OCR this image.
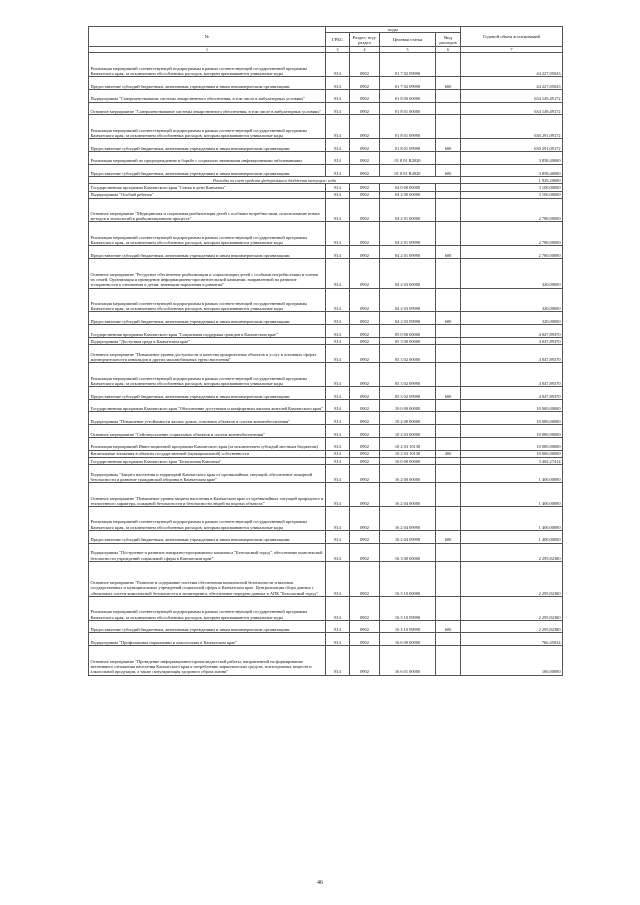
№	коды				Годовой объем ассигнований
	ГРБС	Раздел, под-раздел	Целевая статья	Вид расходов	
1	3	4	5	6	7
Реализация мероприятий соответствующей подпрограммы в рамках соответствующей государственной программы Камчатского края, за исключением обособленных расходов, которым присваиваются уникальные коды	814	0902	01 7 02 09990		44 227,05043
Предоставление субсидий бюджетным, автономным учреждениям и иным некоммерческим организациям	814	0902	01 7 02 09990	600	44 227,05043
Подпрограмма "Совершенствование системы лекарственного обеспечения, в том числе в амбулаторных условиях"	814	0902	01 8 00 00000		634 149,49172
Основное мероприятие "Совершенствование системы лекарственного обеспечения, в том числе в амбулаторных условиях"	814	0902	01 8 01 00000		634 149,49172
Реализация мероприятий соответствующей подпрограммы в рамках соответствующей государственной программы Камчатского края, за исключением обособленных расходов, которым присваиваются уникальные коды	814	0902	01 8 01 09990		630 291,09172
Предоставление субсидий бюджетным, автономным учреждениям и иным некоммерческим организациям	814	0902	01 8 01 09990	600	630 291,09172
Реализация мероприятий по предупреждению и борьбе с социально значимыми инфекционными заболеваниями	814	0902	01 8 01 R2020		3 858,40000
Предоставление субсидий бюджетным, автономным учреждениям и иным некоммерческим организациям	814	0902	01 8 01 R2020	600	3 858,40000
Расходы за счет средств федерального бюджета текущего года					1 929,20000
Государственная программа Камчатского края "Семья и дети Камчатки"	814	0902	04 0 00 00000		3 100,00000
Подпрограмма "Особый ребенок"	814	0902	04 2 00 00000		3 100,00000
Основное мероприятие "Медицинская и социальная реабилитация детей с особыми потребностями, использование новых методов и технологий в реабилитационном процессе"	814	0902	04 2 01 00000		2 780,00000
Реализация мероприятий соответствующей подпрограммы в рамках соответствующей государственной программы Камчатского края, за исключением обособленных расходов, которым присваиваются уникальные коды	814	0902	04 2 01 09990		2 780,00000
Предоставление субсидий бюджетным, автономным учреждениям и иным некоммерческим организациям	814	0902	04 2 01 09990	600	2 780,00000
Основное мероприятие "Ресурсное обеспечение реабилитации и социализации детей с особыми потребностями и членов их семей. Организация и проведение информационно-просветительской кампании, направленной на развитие толерантности к отношении к детям, имеющим нарушения в развитии"	814	0902	04 2 03 00000		320,00000
Реализация мероприятий соответствующей подпрограммы в рамках соответствующей государственной программы Камчатского края, за исключением обособленных расходов, которым присваиваются уникальные коды	814	0902	04 2 03 09990		320,00000
Предоставление субсидий бюджетным, автономным учреждениям и иным некоммерческим организациям	814	0902	04 2 03 09990	600	320,00000
Государственная программа Камчатского края "Социальная поддержка граждан в Камчатском крае"	814	0902	05 0 00 00000		4 047,89370
Подпрограмма "Доступная среда в Камчатском крае"	814	0902	05 3 00 00000		4 047,89370
Основное мероприятие "Повышение уровня доступности и качества приоритетных объектов и услуг в основных сферах жизнедеятельности инвалидов и других маломобильных групп населения"	814	0902	05 3 02 00000		4 047,89370
Реализация мероприятий соответствующей подпрограммы в рамках соответствующей государственной программы Камчатского края, за исключением обособленных расходов, которым присваиваются уникальные коды	814	0902	05 3 02 09990		4 047,89370
Предоставление субсидий бюджетным, автономным учреждениям и иным некоммерческим организациям	814	0902	05 3 02 09990	600	4 047,89370
Государственная программа Камчатского края "Обеспечение доступным и комфортным жильем жителей Камчатского края"	814	0902	10 0 00 00000		10 000,00000
Подпрограмма "Повышение устойчивости жилых домов, основных объектов и систем жизнеобеспечения"	814	0902	10 2 00 00000		10 000,00000
Основное мероприятие "Сейсмоусиление социальных объектов и систем жизнеобеспечения"	814	0902	10 2 03 00000		10 000,00000
Реализация мероприятий Инвестиционной программы Камчатского края (за исключением субсидий местным бюджетам)	814	0902	10 2 03 10130		10 000,00000
Капитальные вложения в объекты государственной (муниципальной) собственности	814	0902	10 2 03 10130	400	10 000,00000
Государственная программа Камчатского края "Безопасная Камчатка"	814	0902	16 0 00 00000		3 462,27414
Подпрограмма "Защита населения и территорий Камчатского края от чрезвычайных ситуаций, обеспечение пожарной безопасности и развитие гражданской обороны в Камчатском крае"	814	0902	16 2 00 00000		1 400,00000
Основное мероприятие "Повышение уровня защиты населения в Камчатском крае от чрезвычайных ситуаций природного и техногенного характера, пожарной безопасности и безопасности людей на водных объектах"	814	0902	16 2 04 00000		1 400,00000
Реализация мероприятий соответствующей подпрограммы в рамках соответствующей государственной программы Камчатского края, за исключением обособленных расходов, которым присваиваются уникальные коды	814	0902	16 2 04 09990		1 400,00000
Предоставление субсидий бюджетным, автономным учреждениям и иным некоммерческим организациям	814	0902	16 2 04 09990	600	1 400,00000
Подпрограмма "Построение и развитие аппаратно-программного комплекса "Безопасный город", обеспечение комплексной безопасности учреждений социальной сферы в Камчатском крае"	814	0902	16 3 00 00000		2 295,82380
Основное мероприятие "Развитие и содержание системы обеспечения комплексной безопасности и вызовов государственных и муниципальных учреждений социальной сферы в Камчатском крае. Централизация сбора данных с объектовых систем комплексной безопасности и мониторинга, обеспечение передачи данных в АПК "Безопасный город"	814	0902	16 3 10 00000		2 295,82380
Реализация мероприятий соответствующей подпрограммы в рамках соответствующей государственной программы Камчатского края, за исключением обособленных расходов, которым присваиваются уникальные коды	814	0902	16 3 10 09990		2 295,82380
Предоставление субсидий бюджетным, автономным учреждениям и иным некоммерческим организациям	814	0902	16 3 10 09990	600	2 295,82380
Подпрограмма "Профилактика наркомании и алкоголизма в Камчатском крае"	814	0902	16 6 00 00000		766,45034
Основное мероприятие "Проведение информационно-пропагандистской работы, направленной на формирование негативного отношения населения Камчатского края к потреблению наркотических средств, психотропных веществ и алкогольной продукции, а также популяризация здорового образа жизни"	814	0902	16 6 01 00000		100,00000
46
